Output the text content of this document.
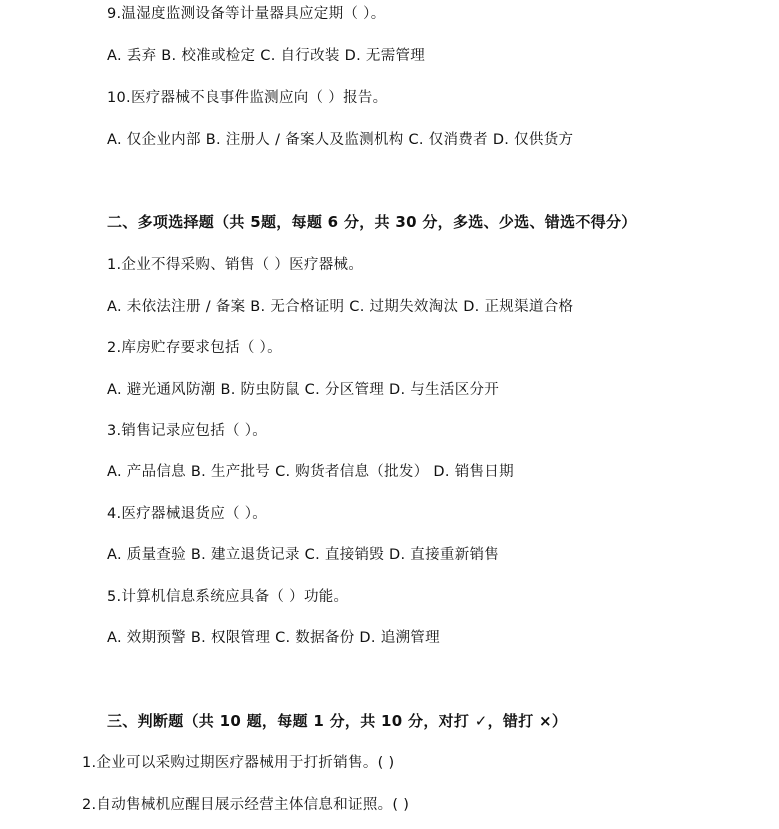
9.温湿度监测设备等计量器具应定期（ ）。
A. 丢弃 B. 校准或检定 C. 自行改装 D. 无需管理
10.医疗器械不良事件监测应向（ ）报告。
A. 仅企业内部 B. 注册人 / 备案人及监测机构 C. 仅消费者 D. 仅供货方
二、多项选择题（共 5题，每题 6 分，共 30 分，多选、少选、错选不得分）
1.企业不得采购、销售（ ）医疗器械。
A. 未依法注册 / 备案 B. 无合格证明 C. 过期失效淘汰 D. 正规渠道合格
2.库房贮存要求包括（ ）。
A. 避光通风防潮 B. 防虫防鼠 C. 分区管理 D. 与生活区分开
3.销售记录应包括（ ）。
A. 产品信息 B. 生产批号 C. 购货者信息（批发） D. 销售日期
4.医疗器械退货应（ ）。
A. 质量查验 B. 建立退货记录 C. 直接销毁 D. 直接重新销售
5.计算机信息系统应具备（ ）功能。
A. 效期预警 B. 权限管理 C. 数据备份 D. 追溯管理
三、判断题（共 10 题，每题 1 分，共 10 分，对打 ✓，错打 ×）
1.企业可以采购过期医疗器械用于打折销售。( )
2.自动售械机应醒目展示经营主体信息和证照。( )
